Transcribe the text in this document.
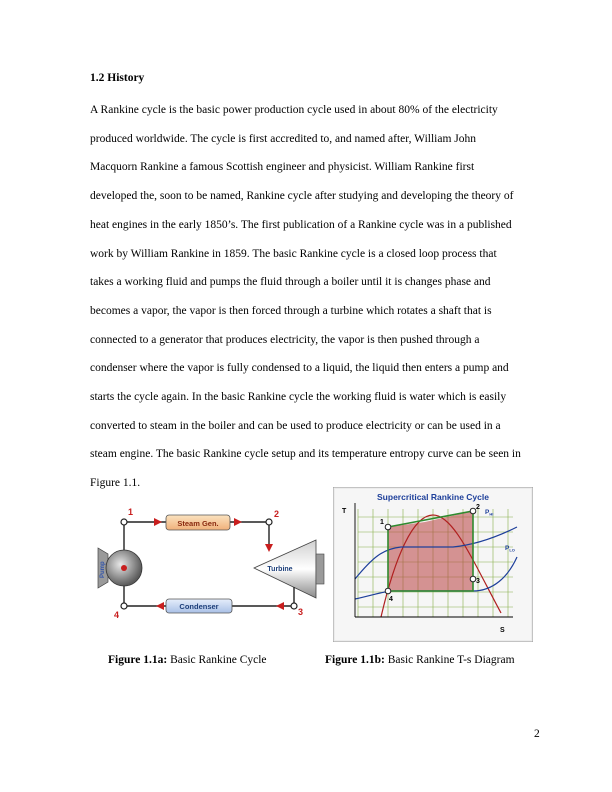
1.2 History

A Rankine cycle is the basic power production cycle used in about 80% of the electricity
produced worldwide. The cycle is first accredited to, and named after, William John
Macquorn Rankine a famous Scottish engineer and physicist. William Rankine first
developed the, soon to be named, Rankine cycle after studying and developing the theory of
heat engines in the early 1850’s. The first publication of a Rankine cycle was in a published
work by William Rankine in 1859. The basic Rankine cycle is a closed loop process that
takes a working fluid and pumps the fluid through a boiler until it is changes phase and
becomes a vapor, the vapor is then forced through a turbine which rotates a shaft that is
connected to a generator that produces electricity, the vapor is then pushed through a
condenser where the vapor is fully condensed to a liquid, the liquid then enters a pump and
starts the cycle again. In the basic Rankine cycle the working fluid is water which is easily
converted to steam in the boiler and can be used to produce electricity or can be used in a
steam engine. The basic Rankine cycle setup and its temperature entropy curve can be seen in
Figure 1.1.

Steam Gen.
Condenser
Pump	Turbine
1	2
3
4
Supercritical Rankine Cycle
1
2
3
4
T
S
$P_{HI}$
$P_{LO}$
Figure 1.1a: Basic Rankine Cycle	Figure 1.1b: Basic Rankine T-s Diagram
2
